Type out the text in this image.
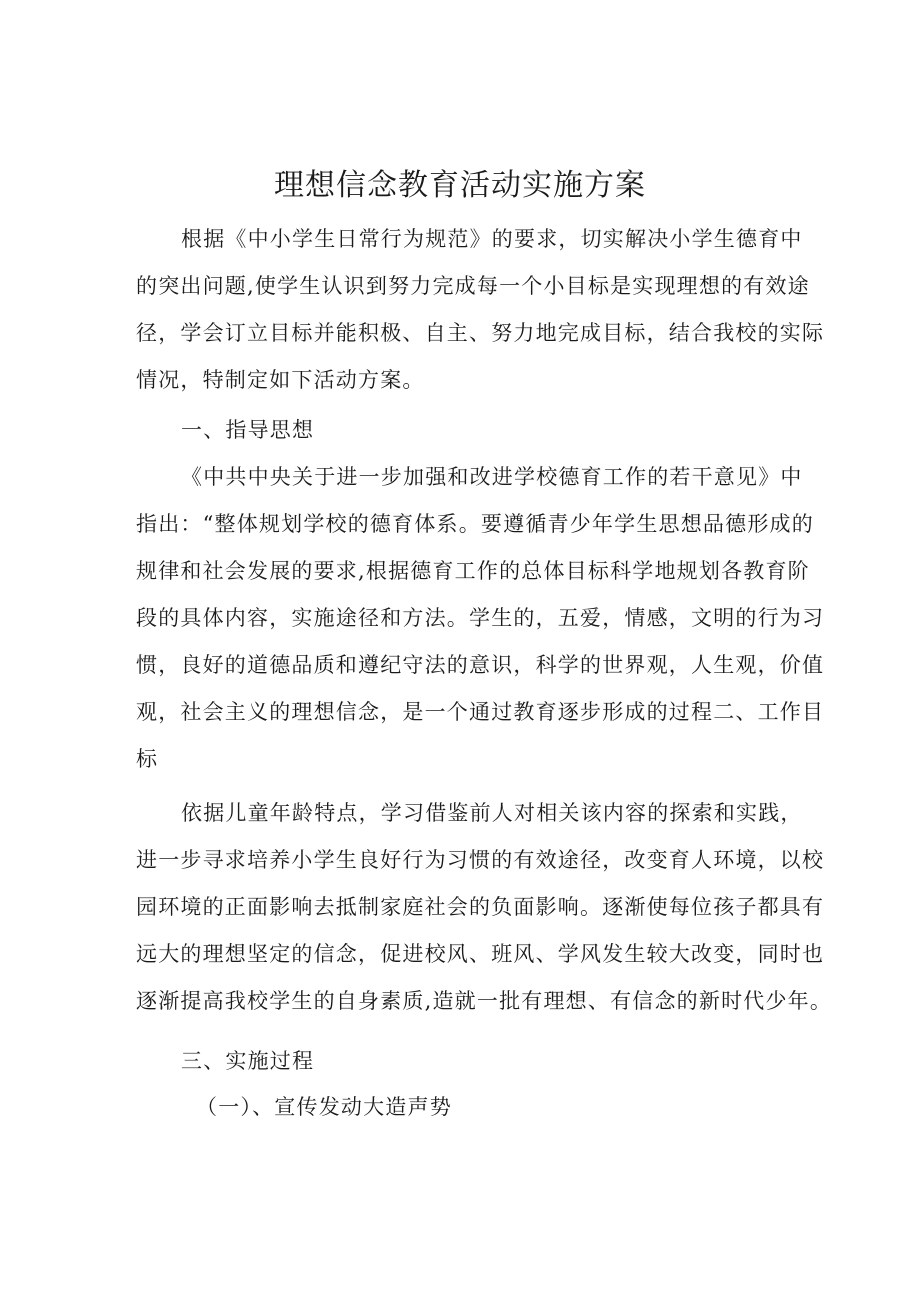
理想信念教育活动实施方案

根据《中小学生日常行为规范》的要求，切实解决小学生德育中

的突出问题,使学生认识到努力完成每一个小目标是实现理想的有效途

径，学会订立目标并能积极、自主、努力地完成目标，结合我校的实际

情况，特制定如下活动方案。

一、指导思想

《中共中央关于进一步加强和改进学校德育工作的若干意见》中

指出：“整体规划学校的德育体系。要遵循青少年学生思想品德形成的

规律和社会发展的要求,根据德育工作的总体目标科学地规划各教育阶

段的具体内容，实施途径和方法。学生的，五爱，情感，文明的行为习

惯，良好的道德品质和遵纪守法的意识，科学的世界观，人生观，价值

观，社会主义的理想信念，是一个通过教育逐步形成的过程二、工作目

标

依据儿童年龄特点，学习借鉴前人对相关该内容的探索和实践，

进一步寻求培养小学生良好行为习惯的有效途径，改变育人环境，以校

园环境的正面影响去抵制家庭社会的负面影响。逐渐使每位孩子都具有

远大的理想坚定的信念，促进校风、班风、学风发生较大改变，同时也

逐渐提高我校学生的自身素质,造就一批有理想、有信念的新时代少年。

三、实施过程

（一）、宣传发动大造声势
